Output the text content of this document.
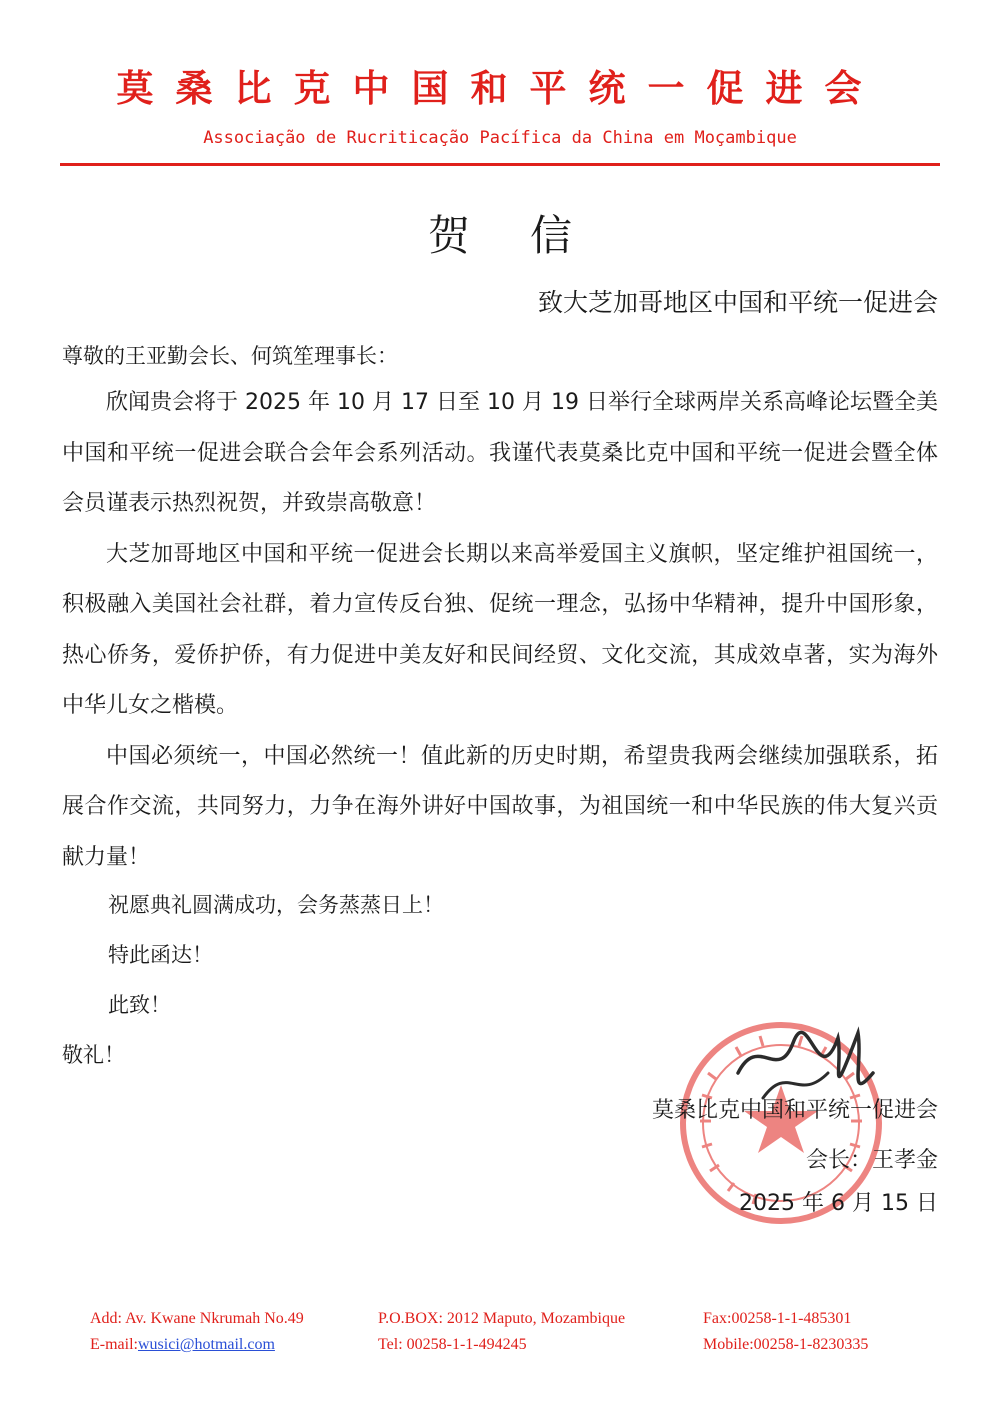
莫桑比克中国和平统一促进会
Associação de Rucriticação Pacífica da China em Moçambique
贺信
致大芝加哥地区中国和平统一促进会
尊敬的王亚勤会长、何筑笙理事长：

欣闻贵会将于 2025 年 10 月 17 日至 10 月 19 日举行全球两岸关系高峰论坛暨全美中国和平统一促进会联合会年会系列活动。我谨代表莫桑比克中国和平统一促进会暨全体会员谨表示热烈祝贺，并致崇高敬意！

大芝加哥地区中国和平统一促进会长期以来高举爱国主义旗帜，坚定维护祖国统一，积极融入美国社会社群，着力宣传反台独、促统一理念，弘扬中华精神，提升中国形象，热心侨务，爱侨护侨，有力促进中美友好和民间经贸、文化交流，其成效卓著，实为海外中华儿女之楷模。

中国必须统一，中国必然统一！值此新的历史时期，希望贵我两会继续加强联系，拓展合作交流，共同努力，力争在海外讲好中国故事，为祖国统一和中华民族的伟大复兴贡献力量！

祝愿典礼圆满成功，会务蒸蒸日上！
特此函达！
此致！
敬礼！
莫桑比克中国和平统一促进会
会长：王孝金
2025 年 6 月 15 日
Add: Av. Kwane Nkrumah No.49
E-mail:wusici@hotmail.com
P.O.BOX: 2012 Maputo, Mozambique
Tel: 00258-1-1-494245
Fax:00258-1-1-485301
Mobile:00258-1-8230335
